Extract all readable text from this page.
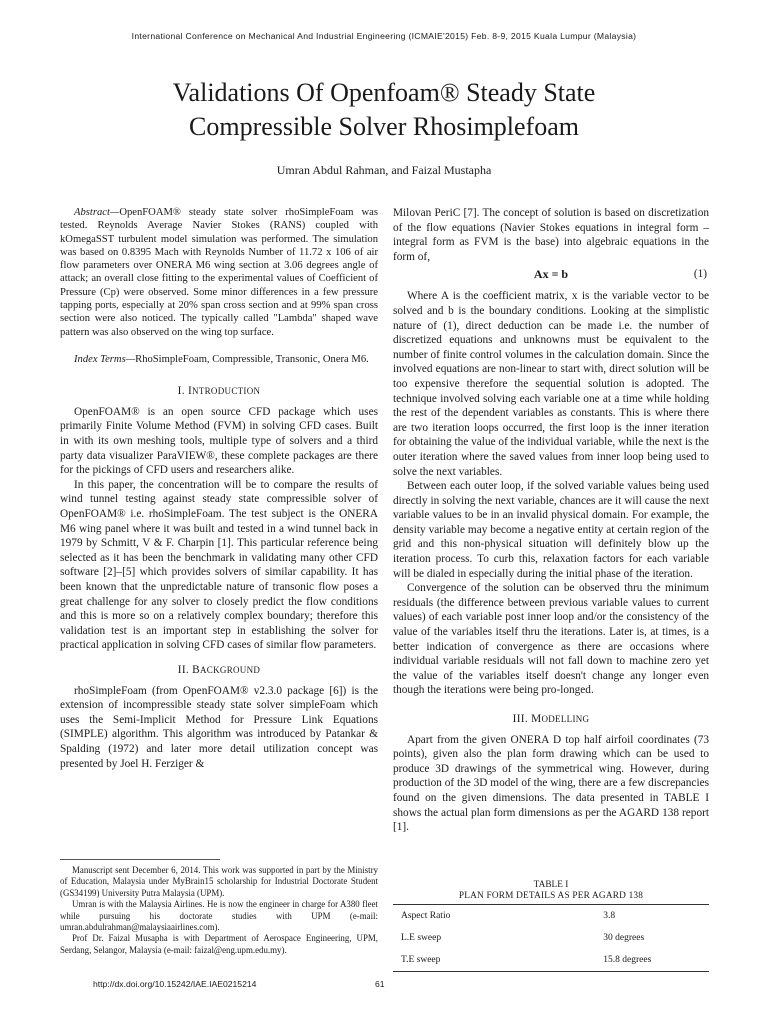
International Conference on Mechanical And Industrial Engineering (ICMAIE'2015) Feb. 8-9, 2015 Kuala Lumpur (Malaysia)
Validations Of Openfoam® Steady State
Compressible Solver Rhosimplefoam
Umran Abdul Rahman, and Faizal Mustapha

Abstract—OpenFOAM® steady state solver rhoSimpleFoam was tested. Reynolds Average Navier Stokes (RANS) coupled with kOmegaSST turbulent model simulation was performed. The simulation was based on 0.8395 Mach with Reynolds Number of 11.72 x 106 of air flow parameters over ONERA M6 wing section at 3.06 degrees angle of attack; an overall close fitting to the experimental values of Coefficient of Pressure (Cp) were observed. Some minor differences in a few pressure tapping ports, especially at 20% span cross section and at 99% span cross section were also noticed. The typically called "Lambda" shaped wave pattern was also observed on the wing top surface.

Index Terms—RhoSimpleFoam, Compressible, Transonic, Onera M6.

I. INTRODUCTION

OpenFOAM® is an open source CFD package which uses primarily Finite Volume Method (FVM) in solving CFD cases. Built in with its own meshing tools, multiple type of solvers and a third party data visualizer ParaVIEW®, these complete packages are there for the pickings of CFD users and researchers alike.

In this paper, the concentration will be to compare the results of wind tunnel testing against steady state compressible solver of OpenFOAM® i.e. rhoSimpleFoam. The test subject is the ONERA M6 wing panel where it was built and tested in a wind tunnel back in 1979 by Schmitt, V & F. Charpin [1]. This particular reference being selected as it has been the benchmark in validating many other CFD software [2]–[5] which provides solvers of similar capability. It has been known that the unpredictable nature of transonic flow poses a great challenge for any solver to closely predict the flow conditions and this is more so on a relatively complex boundary; therefore this validation test is an important step in establishing the solver for practical application in solving CFD cases of similar flow parameters.

II. BACKGROUND

rhoSimpleFoam (from OpenFOAM® v2.3.0 package [6]) is the extension of incompressible steady state solver simpleFoam which uses the Semi-Implicit Method for Pressure Link Equations (SIMPLE) algorithm. This algorithm was introduced by Patankar & Spalding (1972) and later more detail utilization concept was presented by Joel H. Ferziger &

Manuscript sent December 6, 2014. This work was supported in part by the Ministry of Education, Malaysia under MyBrain15 scholarship for Industrial Doctorate Student (GS34199) University Putra Malaysia (UPM).

Umran is with the Malaysia Airlines. He is now the engineer in charge for A380 fleet while pursuing his doctorate studies with UPM (e-mail: umran.abdulrahman@malaysiaairlines.com).

Prof Dr. Faizal Musapha is with Department of Aerospace Engineering, UPM, Serdang, Selangor, Malaysia (e-mail: faizal@eng.upm.edu.my).

Milovan PeriC [7]. The concept of solution is based on discretization of the flow equations (Navier Stokes equations in integral form – integral form as FVM is the base) into algebraic equations in the form of,

Ax = b	(1)

Where A is the coefficient matrix, x is the variable vector to be solved and b is the boundary conditions. Looking at the simplistic nature of (1), direct deduction can be made i.e. the number of discretized equations and unknowns must be equivalent to the number of finite control volumes in the calculation domain. Since the involved equations are non-linear to start with, direct solution will be too expensive therefore the sequential solution is adopted. The technique involved solving each variable one at a time while holding the rest of the dependent variables as constants. This is where there are two iteration loops occurred, the first loop is the inner iteration for obtaining the value of the individual variable, while the next is the outer iteration where the saved values from inner loop being used to solve the next variables.

Between each outer loop, if the solved variable values being used directly in solving the next variable, chances are it will cause the next variable values to be in an invalid physical domain. For example, the density variable may become a negative entity at certain region of the grid and this non-physical situation will definitely blow up the iteration process. To curb this, relaxation factors for each variable will be dialed in especially during the initial phase of the iteration.

Convergence of the solution can be observed thru the minimum residuals (the difference between previous variable values to current values) of each variable post inner loop and/or the consistency of the value of the variables itself thru the iterations. Later is, at times, is a better indication of convergence as there are occasions where individual variable residuals will not fall down to machine zero yet the value of the variables itself doesn't change any longer even though the iterations were being pro-longed.

III. MODELLING

Apart from the given ONERA D top half airfoil coordinates (73 points), given also the plan form drawing which can be used to produce 3D drawings of the symmetrical wing. However, during production of the 3D model of the wing, there are a few discrepancies found on the given dimensions. The data presented in TABLE I shows the actual plan form dimensions as per the AGARD 138 report [1].

TABLE I
PLAN FORM DETAILS AS PER AGARD 138
Aspect Ratio	3.8
L.E sweep	30 degrees
T.E sweep	15.8 degrees
http://dx.doi.org/10.15242/IAE.IAE0215214	61
